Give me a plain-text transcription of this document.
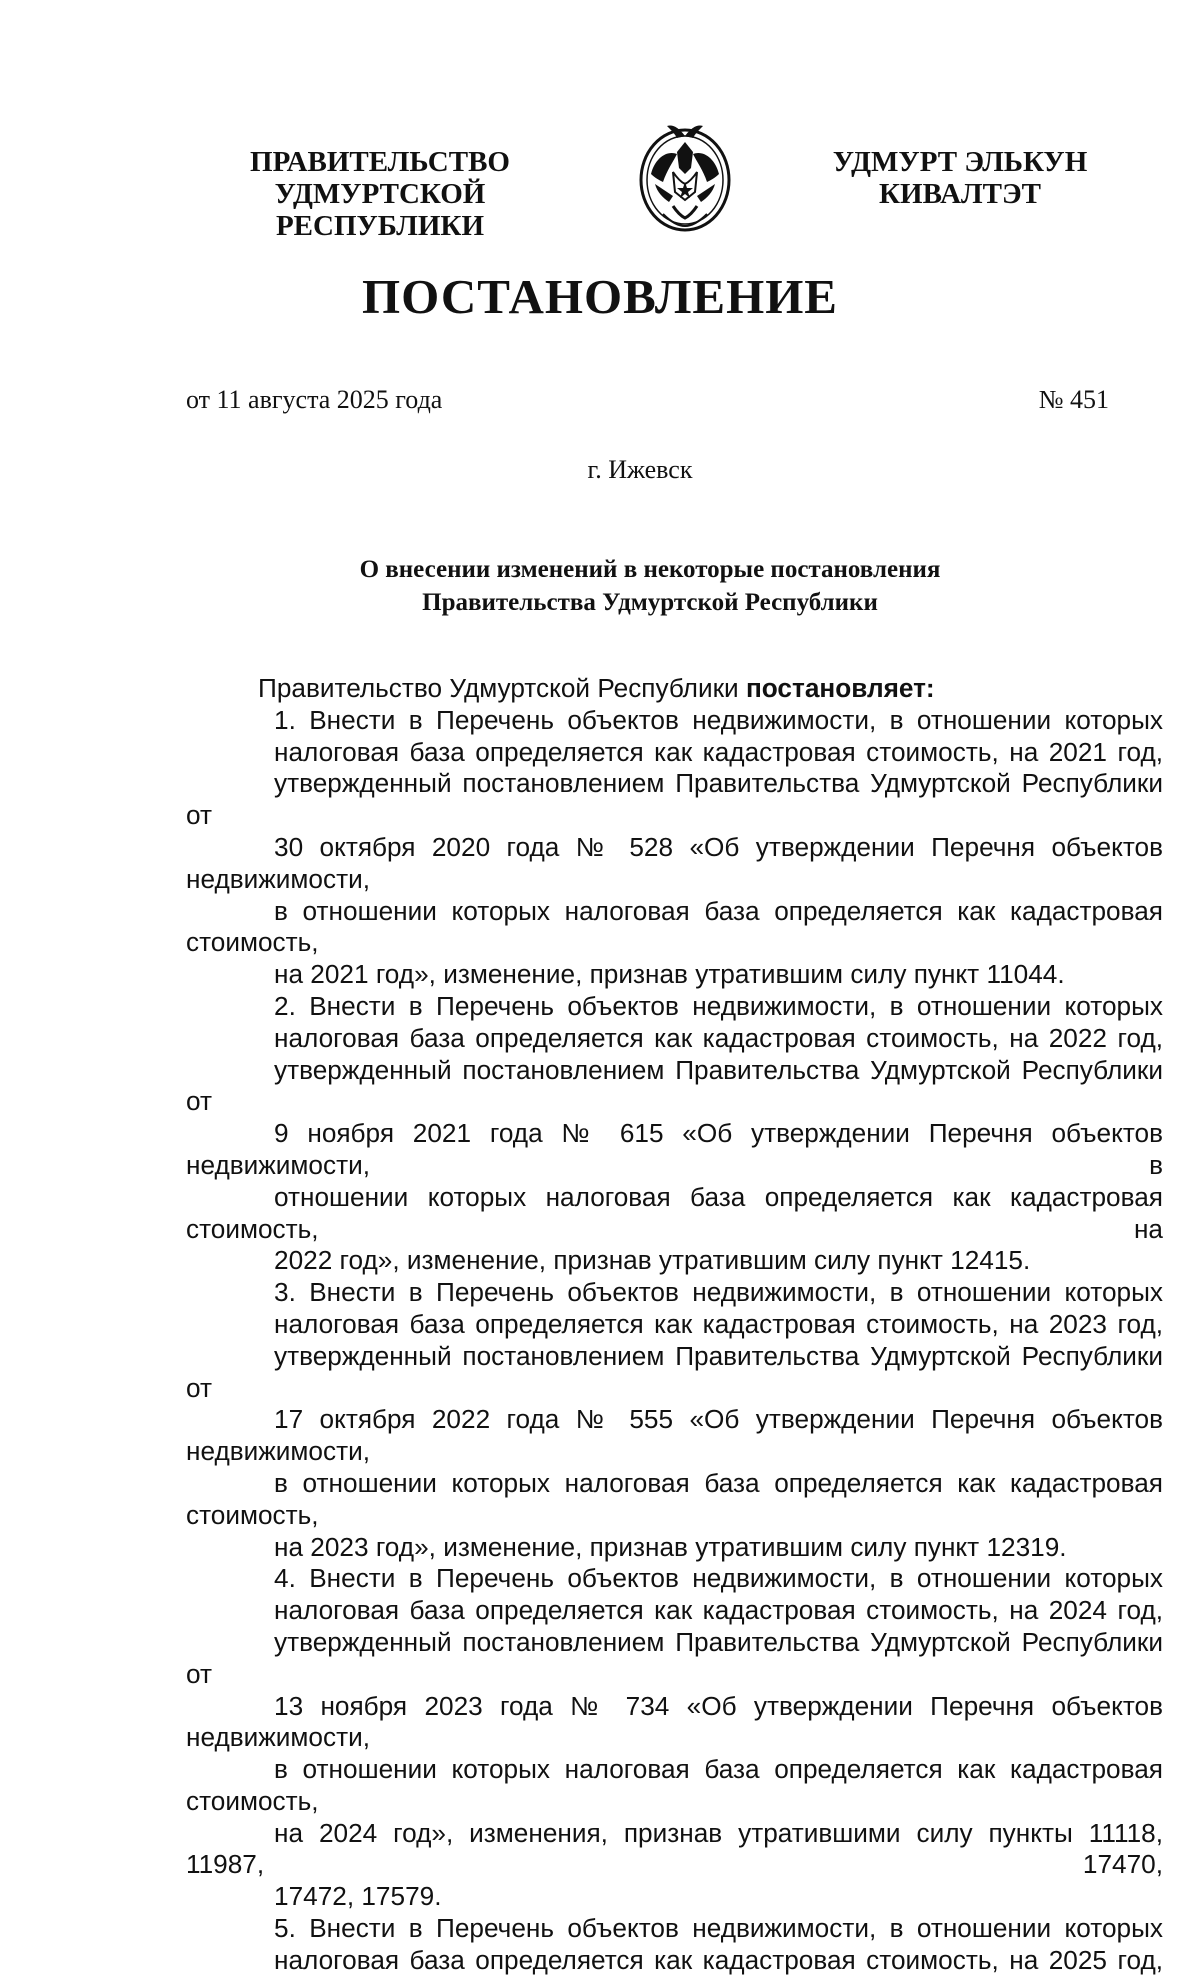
ПРАВИТЕЛЬСТВО
УДМУРТСКОЙ РЕСПУБЛИКИ
УДМУРТ ЭЛЬКУН
КИВАЛТЭТ
ПОСТАНОВЛЕНИЕ
от 11 августа 2025 года	№ 451
г. Ижевск
О внесении изменений в некоторые постановления
Правительства Удмуртской Республики

Правительство Удмуртской Республики постановляет:

1. Внести в Перечень объектов недвижимости, в отношении которых
налоговая база определяется как кадастровая стоимость, на 2021 год,
утвержденный постановлением Правительства Удмуртской Республики от
30 октября 2020 года № 528 «Об утверждении Перечня объектов недвижимости,
в отношении которых налоговая база определяется как кадастровая стоимость,
на 2021 год», изменение, признав утратившим силу пункт 11044.
2. Внести в Перечень объектов недвижимости, в отношении которых
налоговая база определяется как кадастровая стоимость, на 2022 год,
утвержденный постановлением Правительства Удмуртской Республики от
9 ноября 2021 года № 615 «Об утверждении Перечня объектов недвижимости, в
отношении которых налоговая база определяется как кадастровая стоимость, на
2022 год», изменение, признав утратившим силу пункт 12415.
3. Внести в Перечень объектов недвижимости, в отношении которых
налоговая база определяется как кадастровая стоимость, на 2023 год,
утвержденный постановлением Правительства Удмуртской Республики от
17 октября 2022 года № 555 «Об утверждении Перечня объектов недвижимости,
в отношении которых налоговая база определяется как кадастровая стоимость,
на 2023 год», изменение, признав утратившим силу пункт 12319.
4. Внести в Перечень объектов недвижимости, в отношении которых
налоговая база определяется как кадастровая стоимость, на 2024 год,
утвержденный постановлением Правительства Удмуртской Республики от
13 ноября 2023 года № 734 «Об утверждении Перечня объектов недвижимости,
в отношении которых налоговая база определяется как кадастровая стоимость,
на 2024 год», изменения, признав утратившими силу пункты 11118, 11987, 17470,
17472, 17579.
5. Внести в Перечень объектов недвижимости, в отношении которых
налоговая база определяется как кадастровая стоимость, на 2025 год,
